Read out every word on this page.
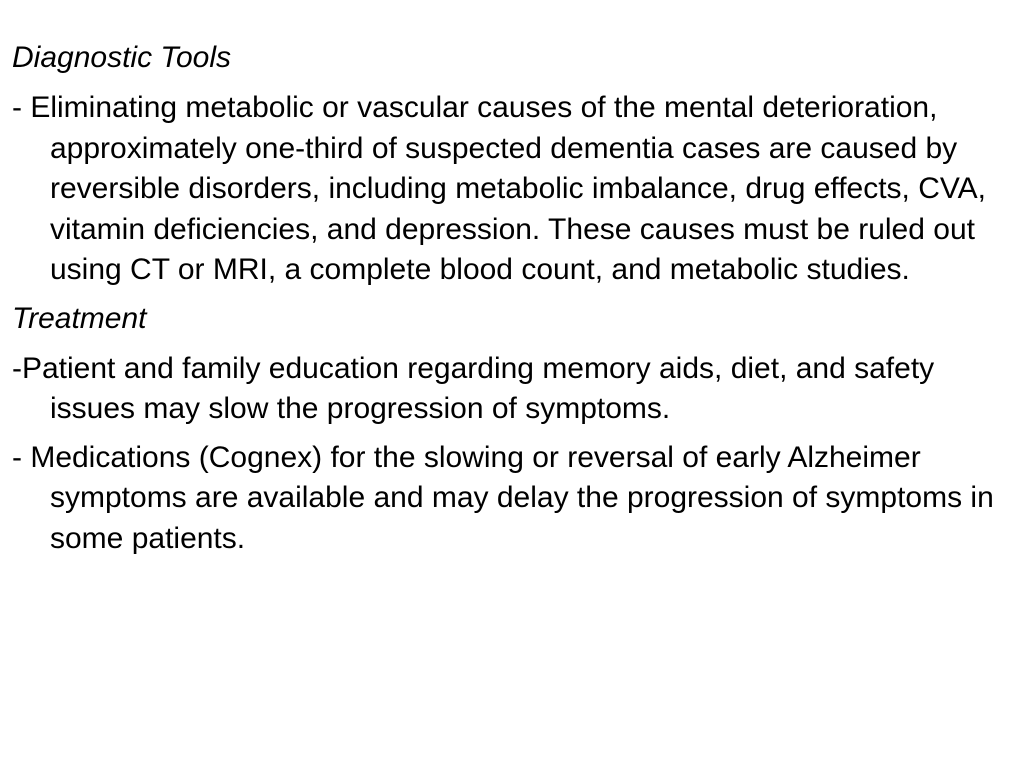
Diagnostic Tools
- Eliminating metabolic or vascular causes of the mental deterioration, approximately one-third of suspected dementia cases are caused by reversible disorders, including metabolic imbalance, drug effects, CVA, vitamin deficiencies, and depression. These causes must be ruled out using CT or MRI, a complete blood count, and metabolic studies.
Treatment
-Patient and family education regarding memory aids, diet, and safety issues may slow the progression of symptoms.
- Medications (Cognex) for the slowing or reversal of early Alzheimer symptoms are available and may delay the progression of symptoms in some patients.
